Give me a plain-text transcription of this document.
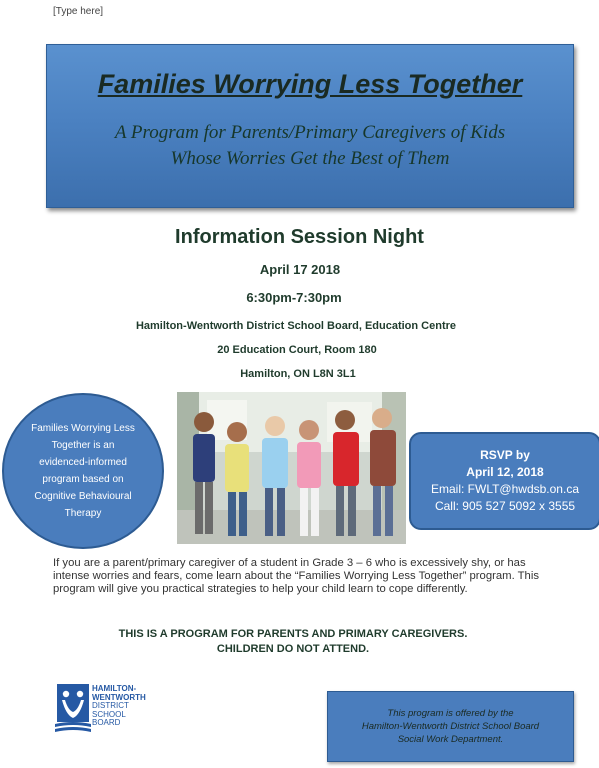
[Type here]
Families Worrying Less Together
A Program for Parents/Primary Caregivers of Kids
Whose Worries Get the Best of Them
Information Session Night
April 17 2018
6:30pm-7:30pm
Hamilton-Wentworth District School Board, Education Centre
20 Education Court, Room 180
Hamilton, ON L8N 3L1
Families Worrying Less Together is an evidenced-informed program based on Cognitive Behavioural Therapy
RSVP by
April 12, 2018
Email: FWLT@hwdsb.on.ca
Call: 905 527 5092 x 3555
If you are a parent/primary caregiver of a student in Grade 3 – 6 who is excessively shy, or has intense worries and fears, come learn about the “Families Worrying Less Together” program. This program will give you practical strategies to help your child learn to cope differently.
THIS IS A PROGRAM FOR PARENTS AND PRIMARY CAREGIVERS.
CHILDREN DO NOT ATTEND.
HAMILTON-
WENTWORTH
DISTRICT
SCHOOL
BOARD
This program is offered by the
Hamilton-Wentworth District School Board
Social Work Department.
